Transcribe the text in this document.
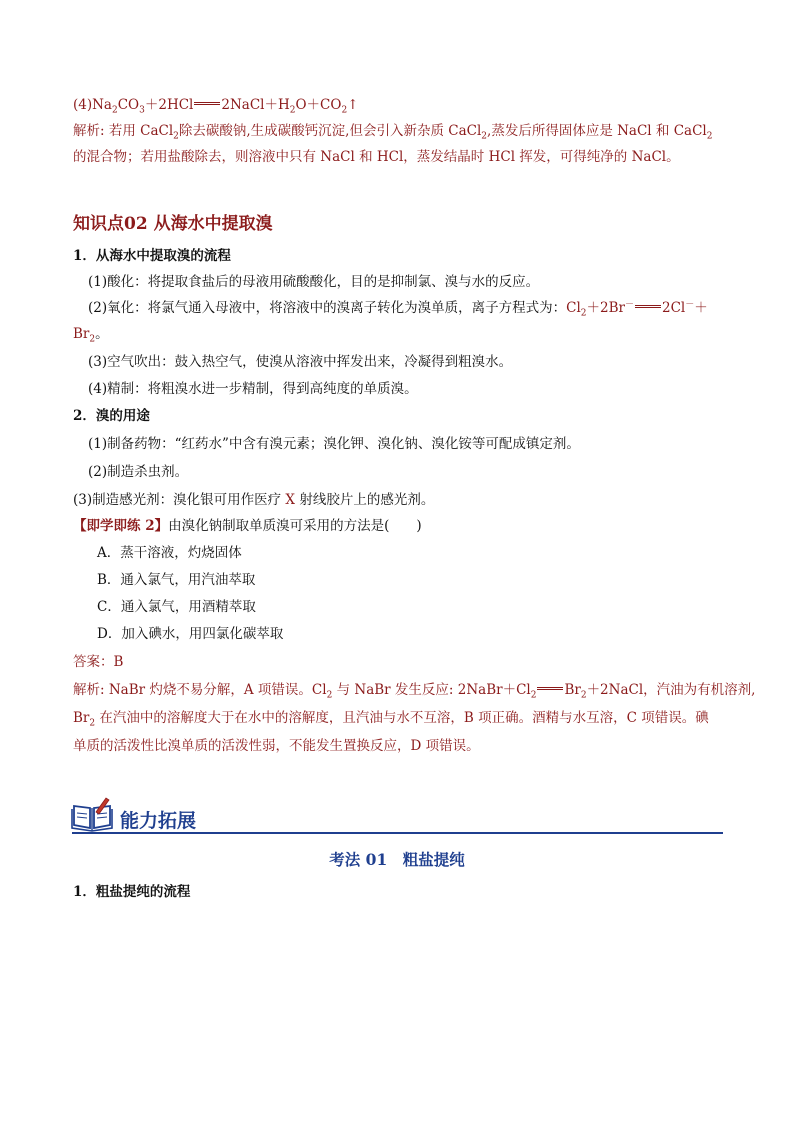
$(4)Na_2CO_3+2HCl$ $2NaCl+H_2O+CO_2↑$
解析: 若用 CaCl$_2$除去碳酸钠,生成碳酸钙沉淀,但会引入新杂质 CaCl$_2$,蒸发后所得固体应是 NaCl 和 CaCl$_2$
的混合物；若用盐酸除去，则溶液中只有 NaCl 和 HCl，蒸发结晶时 HCl 挥发，可得纯净的 NaCl。
知识点02 从海水中提取溴
1．从海水中提取溴的流程
(1)酸化：将提取食盐后的母液用硫酸酸化，目的是抑制氯、溴与水的反应。
(2)氧化：将氯气通入母液中，将溶液中的溴离子转化为溴单质，离子方程式为：$Cl_2+2Br^-$ 2Cl－＋
$Br_2$。
(3)空气吹出：鼓入热空气，使溴从溶液中挥发出来，冷凝得到粗溴水。
(4)精制：将粗溴水进一步精制，得到高纯度的单质溴。
2．溴的用途
(1)制备药物：“红药水”中含有溴元素；溴化钾、溴化钠、溴化铵等可配成镇定剂。
(2)制造杀虫剂。
(3)制造感光剂：溴化银可用作医疗 X 射线胶片上的感光剂。
【即学即练 2】由溴化钠制取单质溴可采用的方法是(　　)
A．蒸干溶液，灼烧固体
B．通入氯气，用汽油萃取
C．通入氯气，用酒精萃取
D．加入碘水，用四氯化碳萃取
答案：B
解析: NaBr 灼烧不易分解，A 项错误。$Cl_2$ 与 NaBr 发生反应: $2NaBr+Cl_2$ $Br_2+2NaCl$，汽油为有机溶剂,
$Br_2$ 在汽油中的溶解度大于在水中的溶解度，且汽油与水不互溶，B 项正确。酒精与水互溶，C 项错误。碘
单质的活泼性比溴单质的活泼性弱，不能发生置换反应，D 项错误。
能力拓展
考法 01　粗盐提纯
1．粗盐提纯的流程
